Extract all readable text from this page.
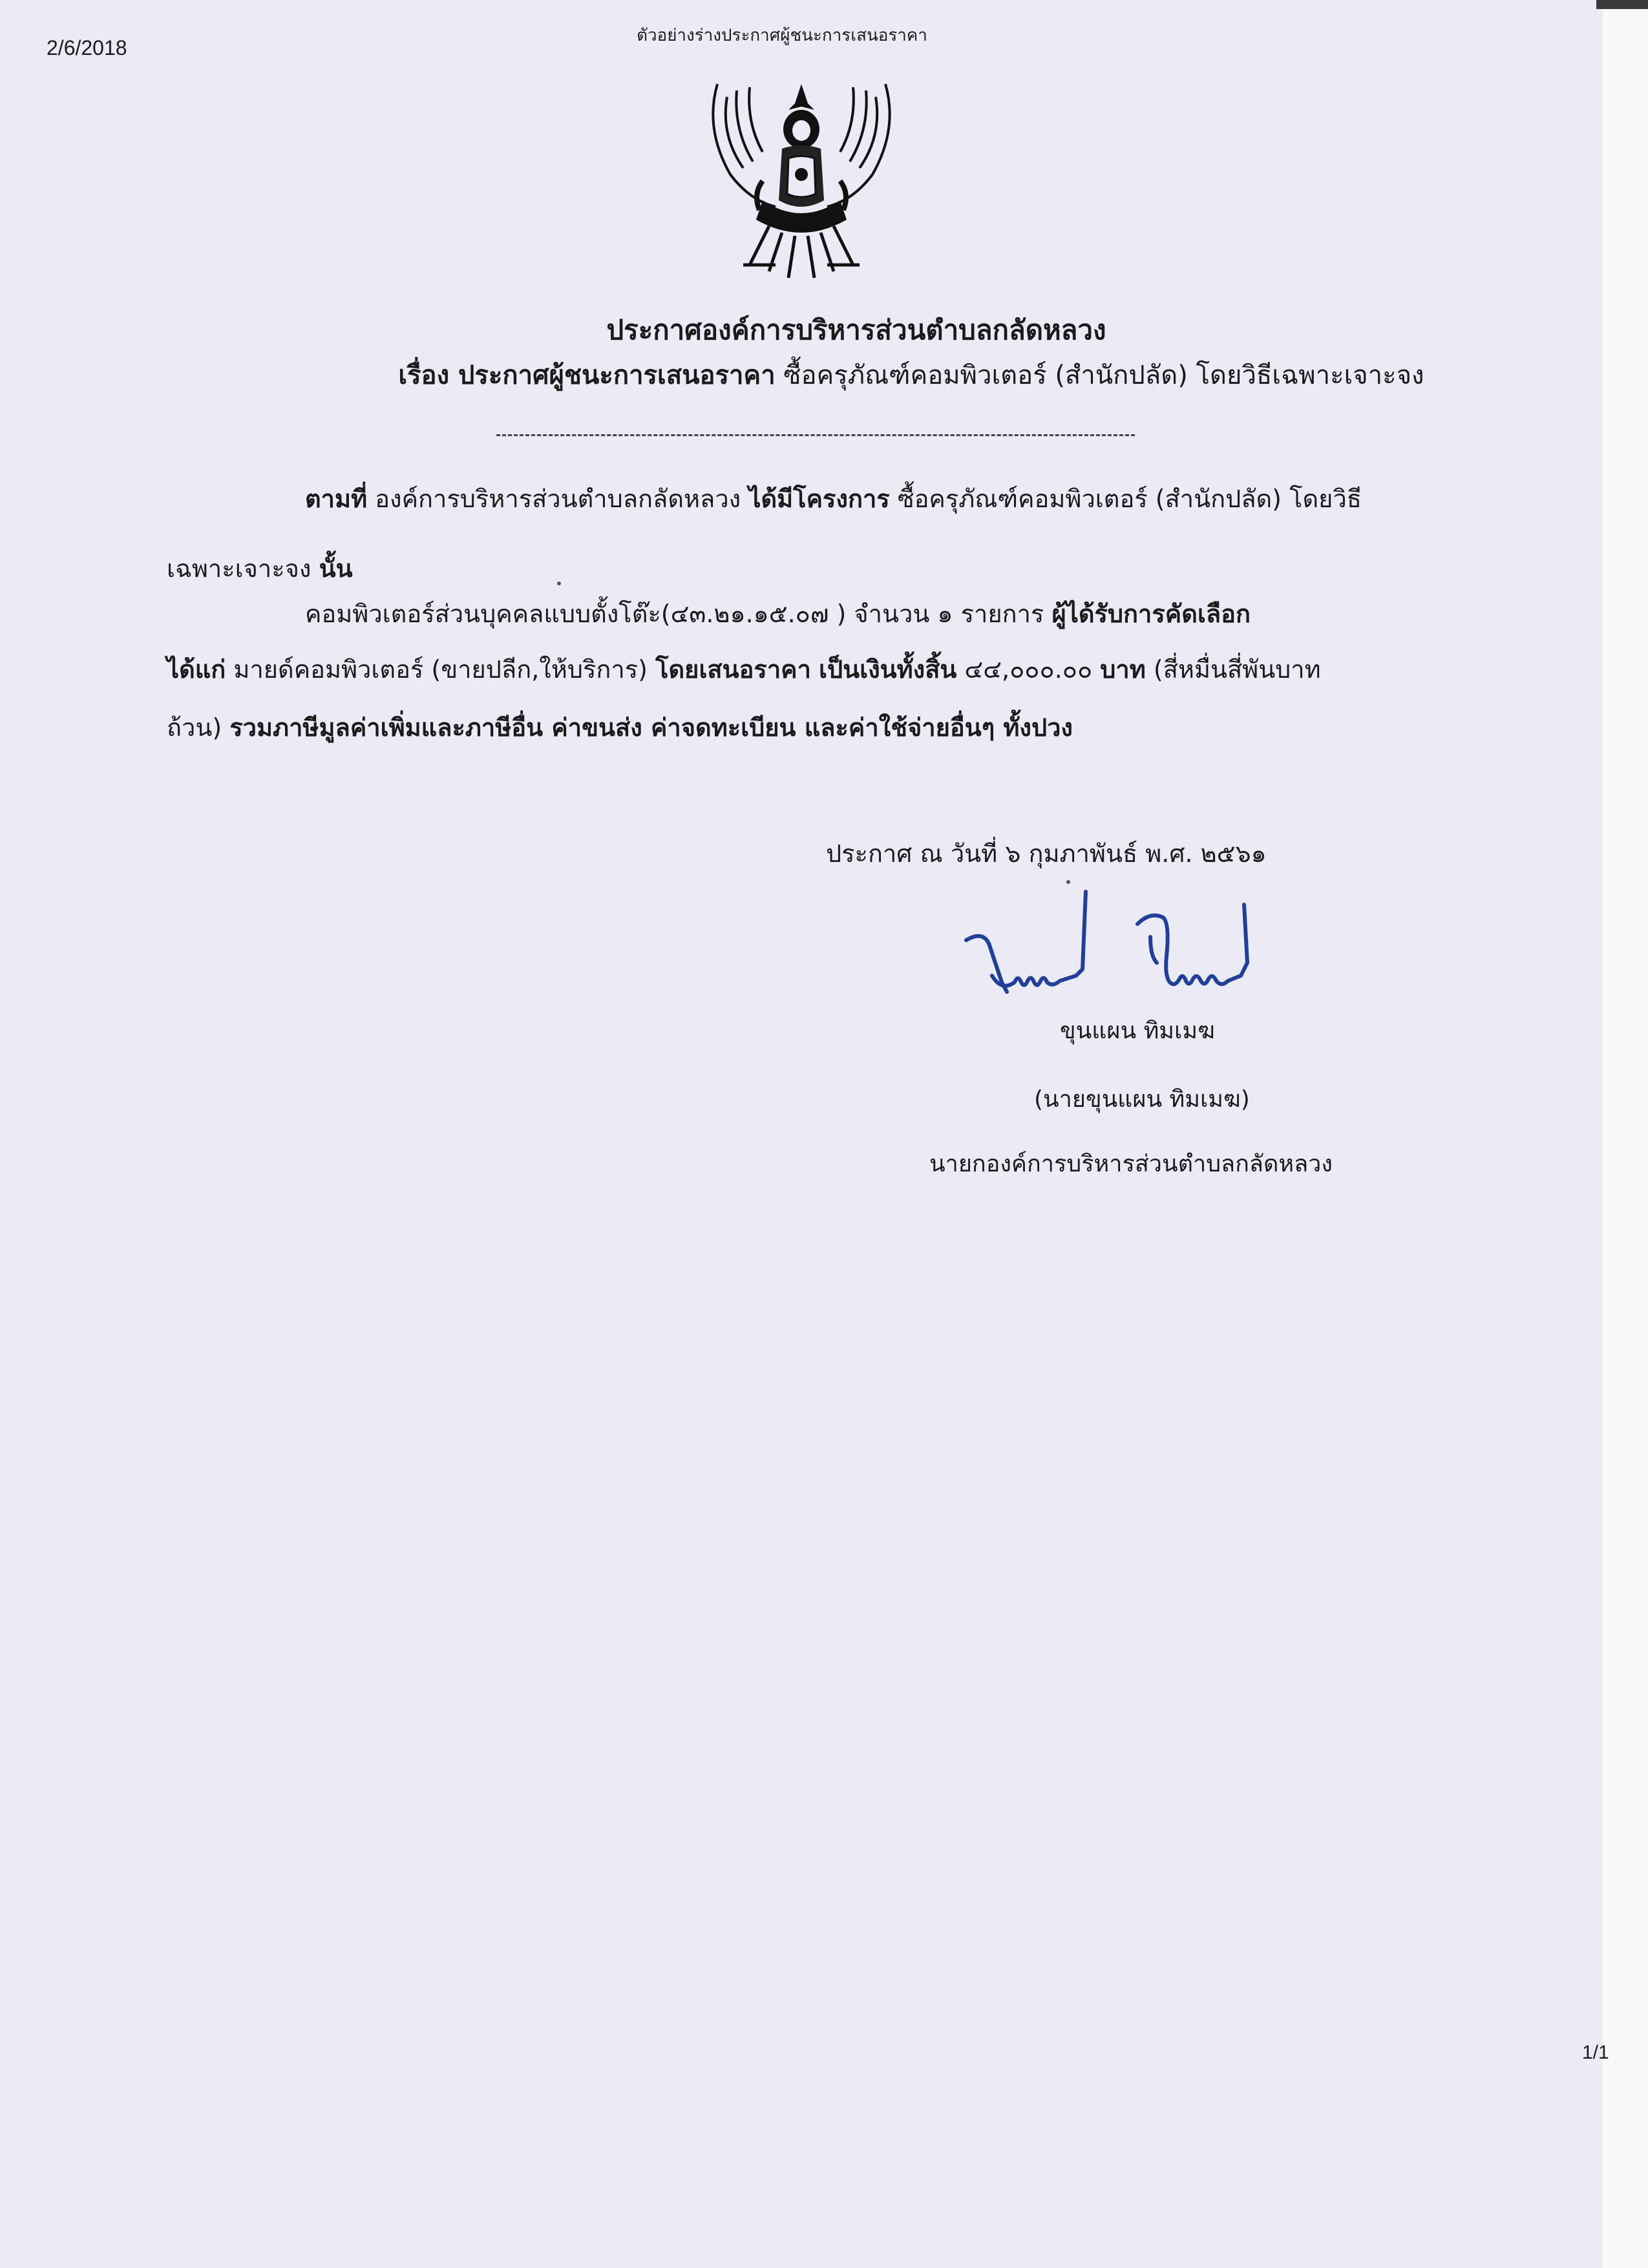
2/6/2018
ตัวอย่างร่างประกาศผู้ชนะการเสนอราคา
ประกาศองค์การบริหารส่วนตำบลกลัดหลวง
เรื่อง ประกาศผู้ชนะการเสนอราคา ซื้อครุภัณฑ์คอมพิวเตอร์ (สำนักปลัด) โดยวิธีเฉพาะเจาะจง
ตามที่ องค์การบริหารส่วนตำบลกลัดหลวง ได้มีโครงการ ซื้อครุภัณฑ์คอมพิวเตอร์ (สำนักปลัด) โดยวิธี
เฉพาะเจาะจง นั้น
คอมพิวเตอร์ส่วนบุคคลแบบตั้งโต๊ะ(๔๓.๒๑.๑๕.๐๗ ) จำนวน ๑ รายการ ผู้ได้รับการคัดเลือก
ได้แก่ มายด์คอมพิวเตอร์ (ขายปลีก,ให้บริการ) โดยเสนอราคา เป็นเงินทั้งสิ้น ๔๔,๐๐๐.๐๐ บาท (สี่หมื่นสี่พันบาท
ถ้วน) รวมภาษีมูลค่าเพิ่มและภาษีอื่น ค่าขนส่ง ค่าจดทะเบียน และค่าใช้จ่ายอื่นๆ ทั้งปวง
ประกาศ ณ วันที่ ๖ กุมภาพันธ์ พ.ศ. ๒๕๖๑
ขุนแผน ทิมเมฆ
(นายขุนแผน ทิมเมฆ)
นายกองค์การบริหารส่วนตำบลกลัดหลวง
1/1
